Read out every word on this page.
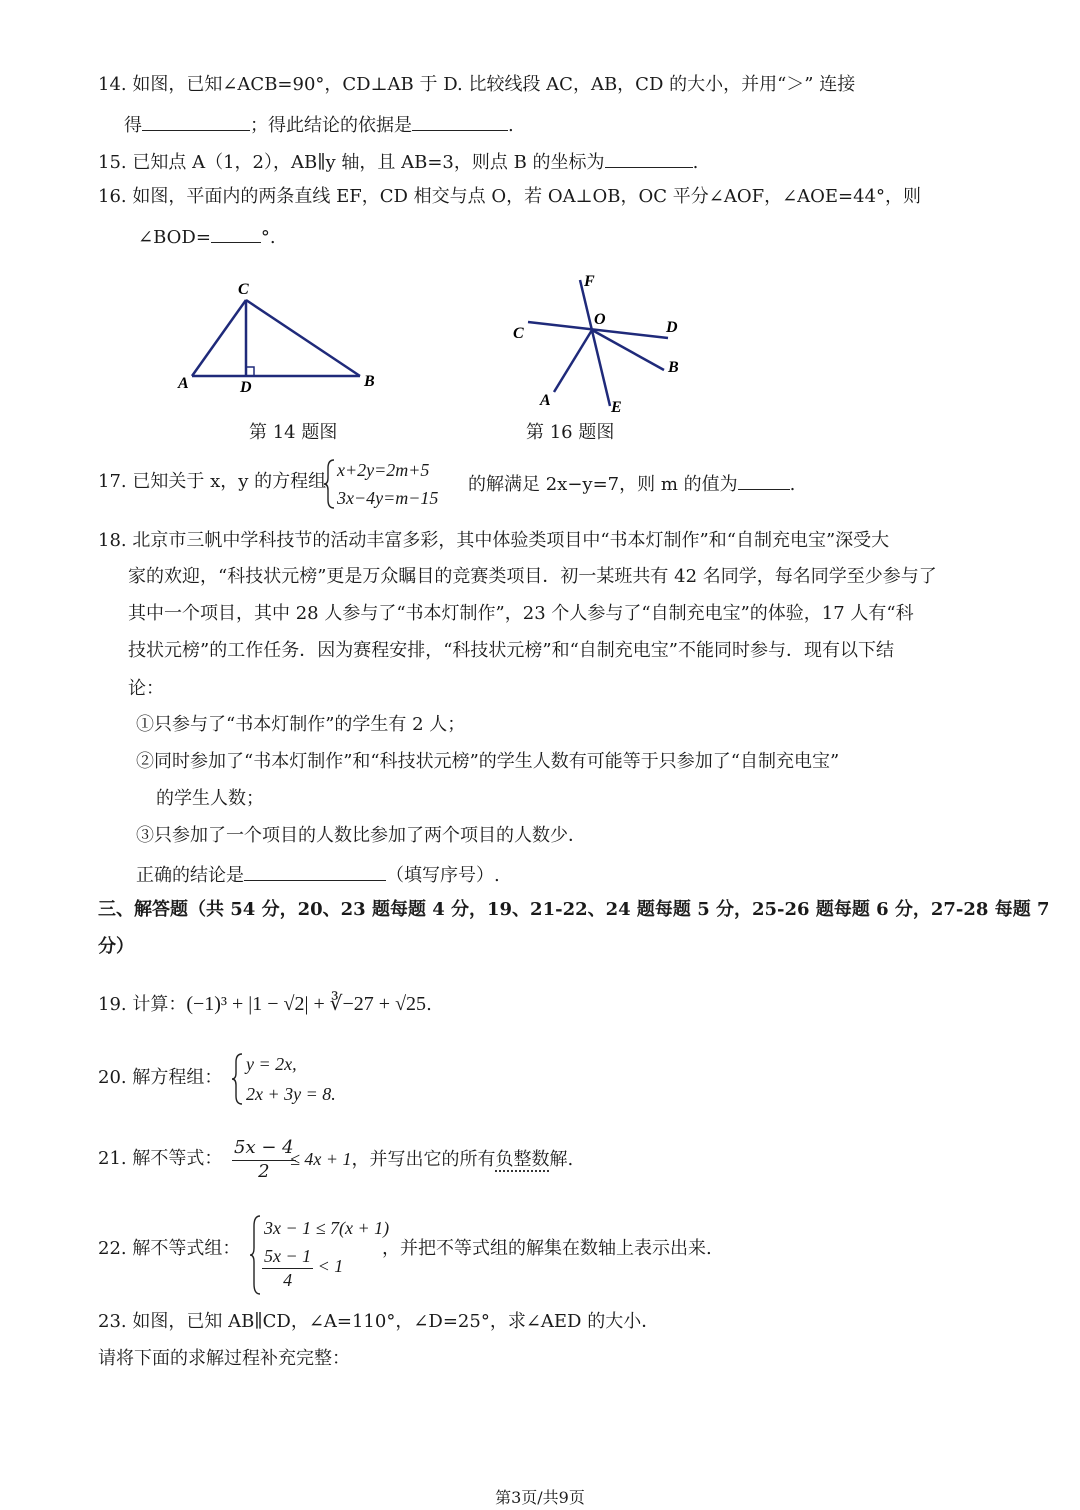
14. 如图，已知∠ACB=90°，CD⊥AB 于 D. 比较线段 AC，AB，CD 的大小，并用“＞” 连接
得	；得此结论的依据是	.
15. 已知点 A（1，2），AB∥y 轴，且 AB=3，则点 B 的坐标为	.
16. 如图，平面内的两条直线 EF，CD 相交与点 O，若 OA⊥OB，OC 平分∠AOF，∠AOE=44°，则
∠BOD=	°.
C
A	D	B
第 14 题图
F
O
C	D
B
A	E
第 16 题图
17. 已知关于 x，y 的方程组
x+2y=2m+5
3x−4y=m−15
的解满足 2x−y=7，则 m 的值为	.
18. 北京市三帆中学科技节的活动丰富多彩，其中体验类项目中“书本灯制作”和“自制充电宝”深受大
家的欢迎，“科技状元榜”更是万众瞩目的竞赛类项目．初一某班共有 42 名同学，每名同学至少参与了
其中一个项目，其中 28 人参与了“书本灯制作”，23 个人参与了“自制充电宝”的体验，17 人有“科
技状元榜”的工作任务．因为赛程安排，“科技状元榜”和“自制充电宝”不能同时参与．现有以下结
论：
①只参与了“书本灯制作”的学生有 2 人；
②同时参加了“书本灯制作”和“科技状元榜”的学生人数有可能等于只参加了“自制充电宝”
的学生人数；
③只参加了一个项目的人数比参加了两个项目的人数少．
正确的结论是	（填写序号）.
三、解答题（共 54 分，20、23 题每题 4 分，19、21-22、24 题每题 5 分，25-26 题每题 6 分，27-28 每题 7
分）
19. 计算：(−1)³ + |1 − √2| + ∛−27 + √25.
20. 解方程组：
y = 2x,
2x + 3y = 8.
21. 解不等式： $\frac{5x - 4}{2}$
≤ 4x + 1，并写出它的所有负整数解.
22. 解不等式组：
3x − 1 ≤ 7(x + 1)
$\frac{5x - 1}{4} < 1$
，并把不等式组的解集在数轴上表示出来.
23. 如图，已知 AB∥CD，∠A=110°，∠D=25°，求∠AED 的大小．
请将下面的求解过程补充完整：
第3页/共9页
